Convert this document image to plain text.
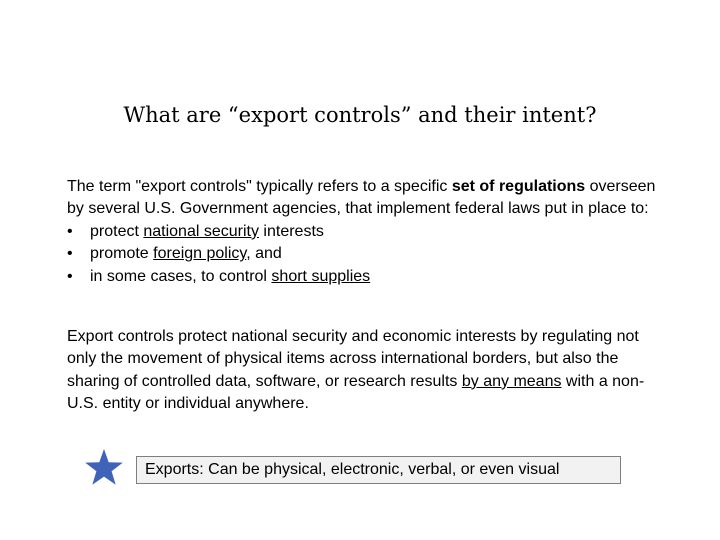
What are “export controls” and their intent?
The term "export controls" typically refers to a specific set of regulations overseen by several U.S. Government agencies, that implement federal laws put in place to:
• protect national security interests
• promote foreign policy, and
• in some cases, to control short supplies
Export controls protect national security and economic interests by regulating not only the movement of physical items across international borders, but also the sharing of controlled data, software, or research results by any means with a non-U.S. entity or individual anywhere.
Exports: Can be physical, electronic, verbal, or even visual
